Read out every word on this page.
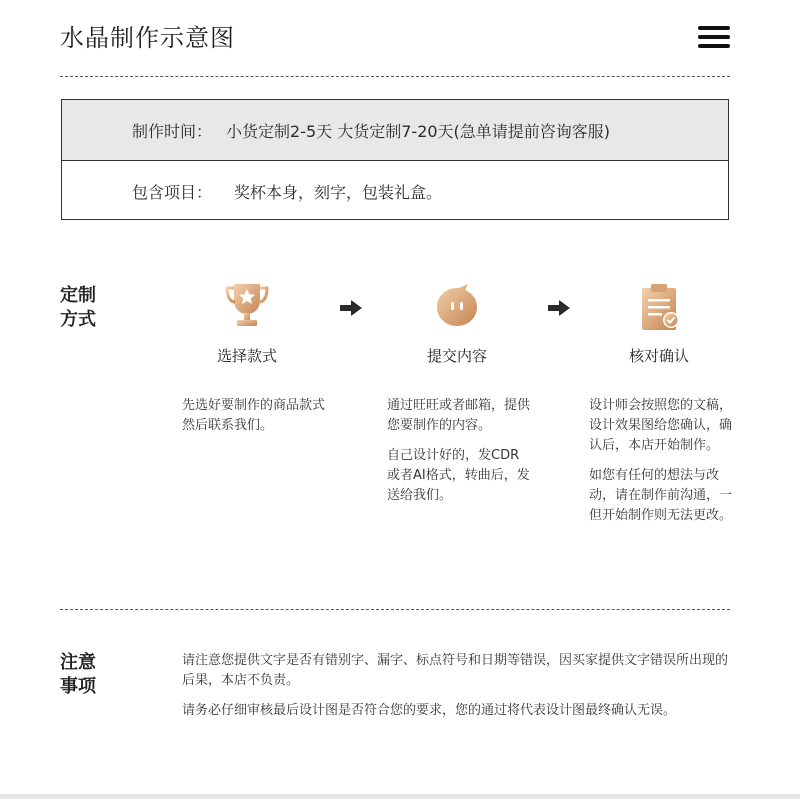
水晶制作示意图
制作时间： 小货定制2-5天 大货定制7-20天(急单请提前咨询客服)
包含项目： 奖杯本身，刻字，包装礼盒。
定制
方式
选择款式	提交内容	核对确认

先选好要制作的商品款式然后联系我们。

通过旺旺或者邮箱，提供您要制作的内容。

自己设计好的，发CDR或者AI格式，转曲后，发送给我们。

设计师会按照您的文稿，设计效果图给您确认，确认后，本店开始制作。

如您有任何的想法与改动，请在制作前沟通，一但开始制作则无法更改。

注意
事项

请注意您提供文字是否有错别字、漏字、标点符号和日期等错误，因买家提供文字错误所出现的后果，本店不负责。

请务必仔细审核最后设计图是否符合您的要求，您的通过将代表设计图最终确认无误。
